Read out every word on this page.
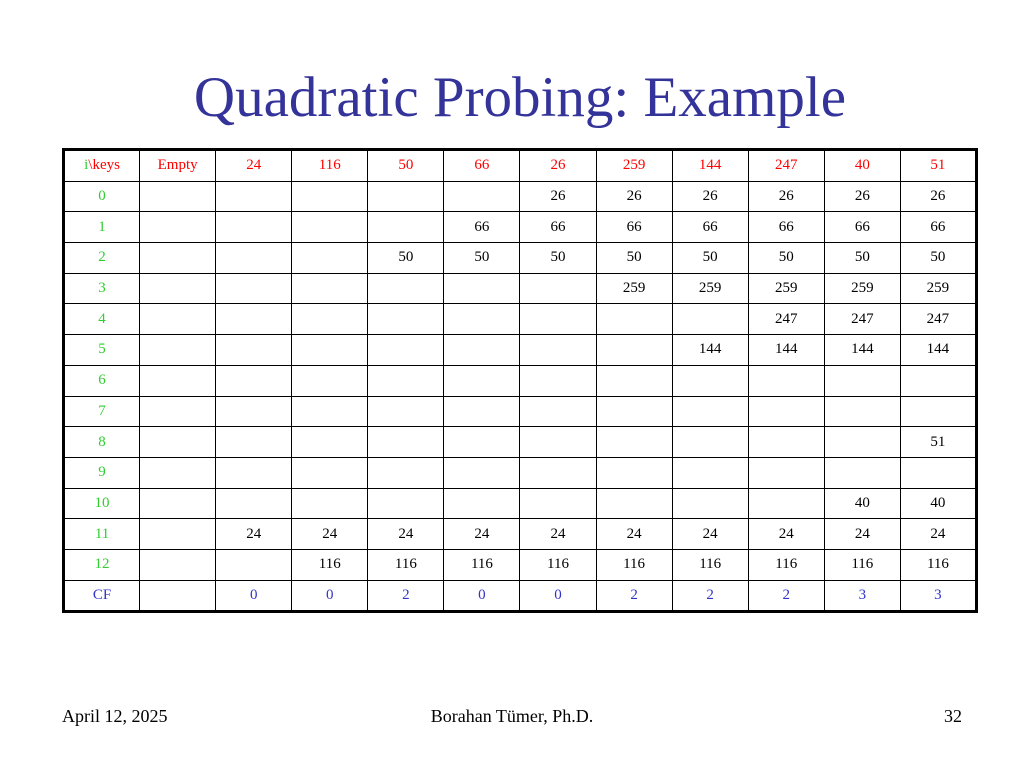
Quadratic Probing: Example
i\keys	Empty	24	116	50	66	26	259	144	247	40	51
0						26	26	26	26	26	26
1					66	66	66	66	66	66	66
2				50	50	50	50	50	50	50	50
3							259	259	259	259	259
4									247	247	247
5								144	144	144	144
6											
7											
8											51
9											
10										40	40
11		24	24	24	24	24	24	24	24	24	24
12			116	116	116	116	116	116	116	116	116
CF		0	0	2	0	0	2	2	2	3	3
April 12, 2025	Borahan Tümer, Ph.D.	32
